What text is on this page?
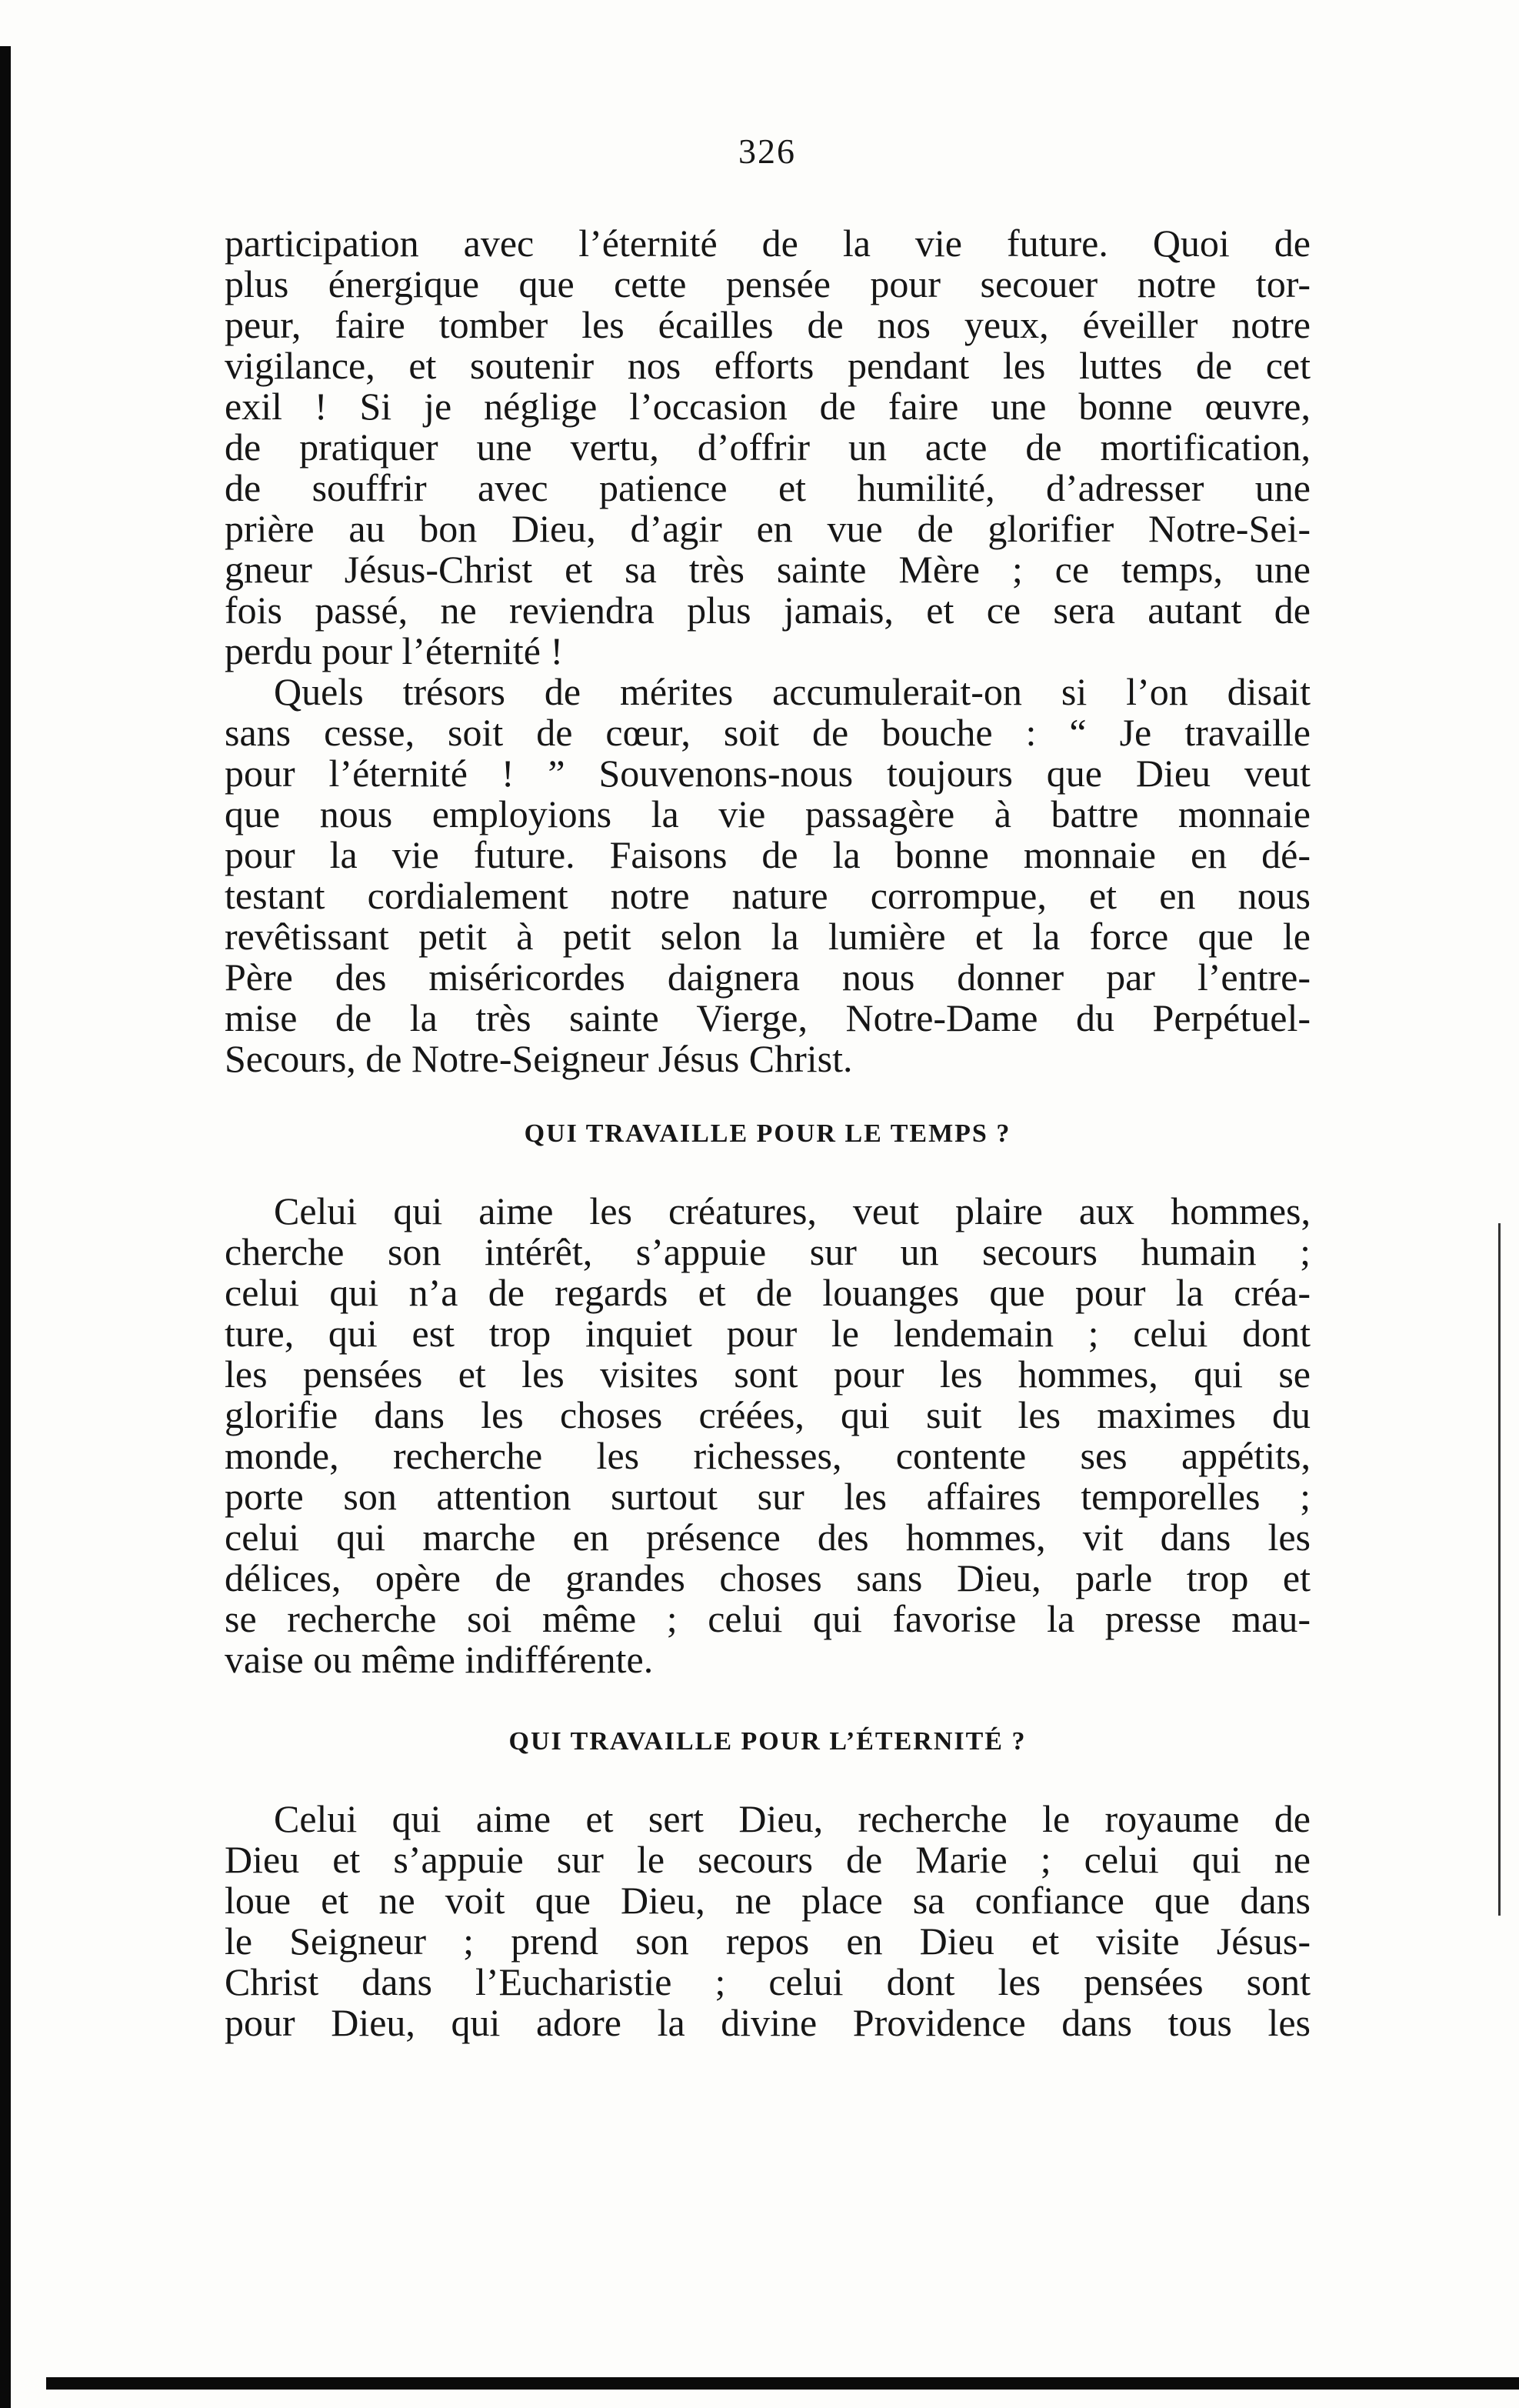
326
participation avec l’éternité de la vie future. Quoi de
plus énergique que cette pensée pour secouer notre tor-
peur, faire tomber les écailles de nos yeux, éveiller notre
vigilance, et soutenir nos efforts pendant les luttes de cet
exil ! Si je néglige l’occasion de faire une bonne œuvre,
de pratiquer une vertu, d’offrir un acte de mortification,
de souffrir avec patience et humilité, d’adresser une
prière au bon Dieu, d’agir en vue de glorifier Notre-Sei-
gneur Jésus-Christ et sa très sainte Mère ; ce temps, une
fois passé, ne reviendra plus jamais, et ce sera autant de
perdu pour l’éternité !
Quels trésors de mérites accumulerait-on si l’on disait
sans cesse, soit de cœur, soit de bouche : “ Je travaille
pour l’éternité ! ” Souvenons-nous toujours que Dieu veut
que nous employions la vie passagère à battre monnaie
pour la vie future. Faisons de la bonne monnaie en dé-
testant cordialement notre nature corrompue, et en nous
revêtissant petit à petit selon la lumière et la force que le
Père des miséricordes daignera nous donner par l’entre-
mise de la très sainte Vierge, Notre-Dame du Perpétuel-
Secours, de Notre-Seigneur Jésus Christ.
QUI TRAVAILLE POUR LE TEMPS ?
Celui qui aime les créatures, veut plaire aux hommes,
cherche son intérêt, s’appuie sur un secours humain ;
celui qui n’a de regards et de louanges que pour la créa-
ture, qui est trop inquiet pour le lendemain ; celui dont
les pensées et les visites sont pour les hommes, qui se
glorifie dans les choses créées, qui suit les maximes du
monde, recherche les richesses, contente ses appétits,
porte son attention surtout sur les affaires temporelles ;
celui qui marche en présence des hommes, vit dans les
délices, opère de grandes choses sans Dieu, parle trop et
se recherche soi même ; celui qui favorise la presse mau-
vaise ou même indifférente.
QUI TRAVAILLE POUR L’ÉTERNITÉ ?
Celui qui aime et sert Dieu, recherche le royaume de
Dieu et s’appuie sur le secours de Marie ; celui qui ne
loue et ne voit que Dieu, ne place sa confiance que dans
le Seigneur ; prend son repos en Dieu et visite Jésus-
Christ dans l’Eucharistie ; celui dont les pensées sont
pour Dieu, qui adore la divine Providence dans tous les
